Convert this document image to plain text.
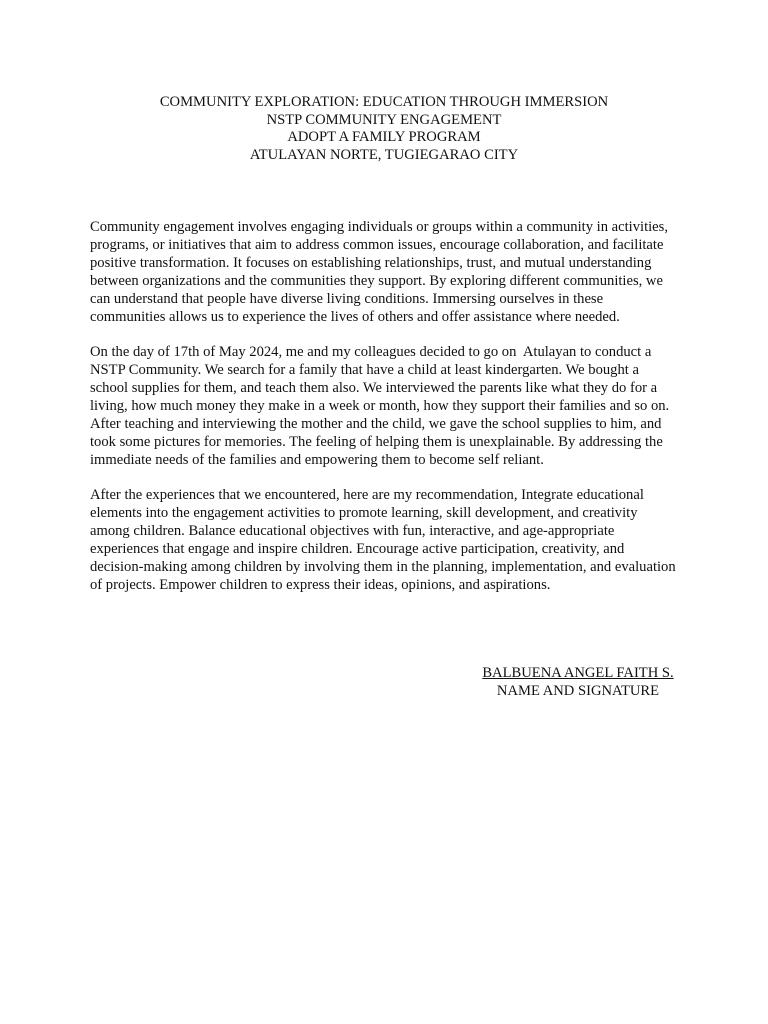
COMMUNITY EXPLORATION: EDUCATION THROUGH IMMERSION
NSTP COMMUNITY ENGAGEMENT
ADOPT A FAMILY PROGRAM
ATULAYAN NORTE, TUGIEGARAO CITY

Community engagement involves engaging individuals or groups within a community in activities, programs, or initiatives that aim to address common issues, encourage collaboration, and facilitate positive transformation. It focuses on establishing relationships, trust, and mutual understanding between organizations and the communities they support. By exploring different communities, we can understand that people have diverse living conditions. Immersing ourselves in these communities allows us to experience the lives of others and offer assistance where needed.

On the day of 17th of May 2024, me and my colleagues decided to go on  Atulayan to conduct a NSTP Community. We search for a family that have a child at least kindergarten. We bought a school supplies for them, and teach them also. We interviewed the parents like what they do for a living, how much money they make in a week or month, how they support their families and so on. After teaching and interviewing the mother and the child, we gave the school supplies to him, and took some pictures for memories. The feeling of helping them is unexplainable. By addressing the immediate needs of the families and empowering them to become self reliant.

After the experiences that we encountered, here are my recommendation, Integrate educational elements into the engagement activities to promote learning, skill development, and creativity among children. Balance educational objectives with fun, interactive, and age-appropriate experiences that engage and inspire children. Encourage active participation, creativity, and decision-making among children by involving them in the planning, implementation, and evaluation of projects. Empower children to express their ideas, opinions, and aspirations.

BALBUENA ANGEL FAITH S.
NAME AND SIGNATURE
